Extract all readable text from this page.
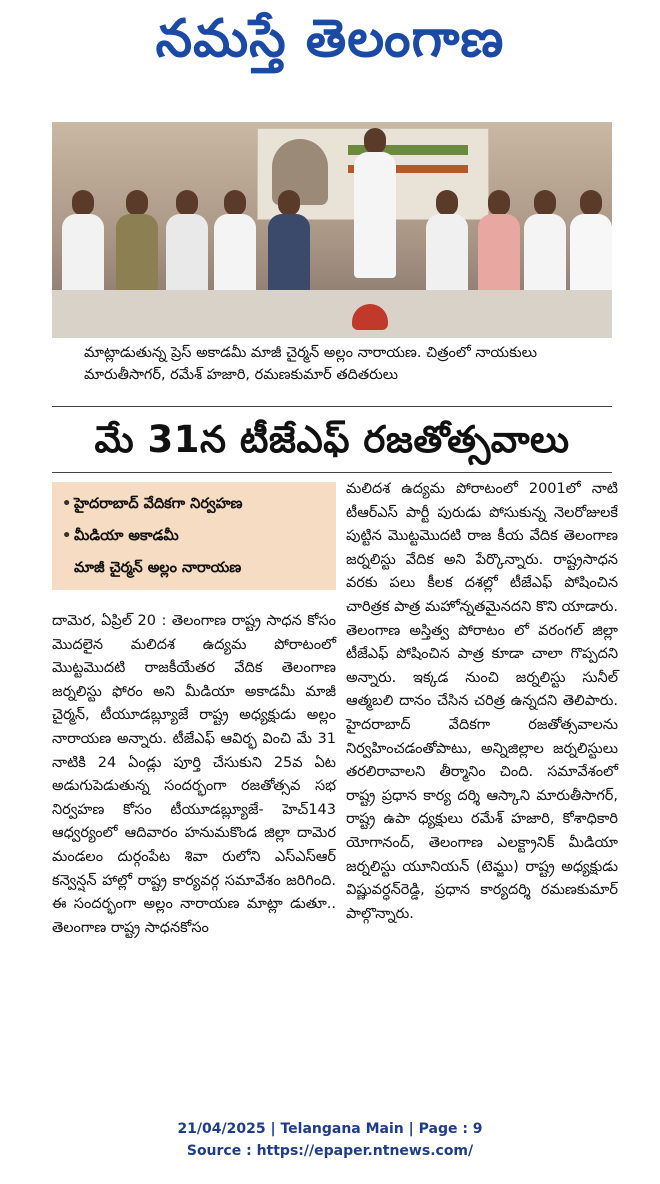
నమస్తే తెలంగాణ
మాట్లాడుతున్న ప్రెస్ అకాడమీ మాజీ చైర్మన్ అల్లం నారాయణ. చిత్రంలో నాయకులు మారుతీసాగర్, రమేశ్ హజారి, రమణకుమార్ తదితరులు
మే 31న టీజేఎఫ్ రజతోత్సవాలు
• హైదరాబాద్ వేదికగా నిర్వహణ
• మీడియా అకాడమీ
మాజీ చైర్మన్ అల్లం నారాయణ

దామెర, ఏప్రిల్ 20 : తెలంగాణ రాష్ట్ర సాధన కోసం మొదలైన మలిదశ ఉద్యమ పోరాటంలో మొట్టమొదటి రాజకీయేతర వేదిక తెలంగాణ జర్నలిస్టు ఫోరం అని మీడియా అకాడమీ మాజీ చైర్మన్, టీయూడబ్ల్యూజే రాష్ట్ర అధ్యక్షుడు అల్లం నారాయణ అన్నారు. టీజేఎఫ్ ఆవిర్భ వించి మే 31 నాటికి 24 ఏండ్లు పూర్తి చేసుకుని 25వ ఏట అడుగుపెడుతున్న సందర్భంగా రజతోత్సవ సభ నిర్వహణ కోసం టీయూడబ్ల్యూజే- హెచ్143 ఆధ్వర్యంలో ఆదివారం హనుమకొండ జిల్లా దామెర మండలం దుర్గంపేట శివా రులోని ఎస్ఎస్ఆర్ కన్వెన్షన్ హాల్లో రాష్ట్ర కార్యవర్గ సమావేశం జరిగింది. ఈ సందర్భంగా అల్లం నారాయణ మాట్లా డుతూ.. తెలంగాణ రాష్ట్ర సాధనకోసం

మలిదశ ఉద్యమ పోరాటంలో 2001లో నాటి టీఆర్ఎస్ పార్టీ పురుడు పోసుకున్న నెలరోజులకే పుట్టిన మొట్టమొదటి రాజ కీయ వేదిక తెలంగాణ జర్నలిస్టు వేదిక అని పేర్కొన్నారు. రాష్ట్రసాధన వరకు పలు కీలక దశల్లో టీజేఎఫ్ పోషించిన చారిత్రక పాత్ర మహోన్నతమైనదని కొని యాడారు. తెలంగాణ అస్తిత్వ పోరాటం లో వరంగల్ జిల్లా టీజేఎఫ్ పోషించిన పాత్ర కూడా చాలా గొప్పదని అన్నారు. ఇక్కడ నుంచి జర్నలిస్టు సునీల్ ఆత్మబలి దానం చేసిన చరిత్ర ఉన్నదని తెలిపారు. హైదరాబాద్ వేదికగా రజతోత్సవాలను నిర్వహించడంతోపాటు, అన్నిజిల్లాల జర్నలిస్టులు తరలిరావాలని తీర్మానిం చింది. సమావేశంలో రాష్ట్ర ప్రధాన కార్య దర్శి ఆస్కాని మారుతీసాగర్, రాష్ట్ర ఉపా ధ్యక్షులు రమేశ్ హజారి, కోశాధికారి యోగానంద్, తెలంగాణ ఎలక్ట్రానిక్ మీడియా జర్నలిస్టు యూనియన్ (టెమ్జు) రాష్ట్ర అధ్యక్షుడు విష్ణువర్ధన్‌రెడ్డి, ప్రధాన కార్యదర్శి రమణకుమార్ పాల్గొన్నారు.

21/04/2025 | Telangana Main | Page : 9
Source : https://epaper.ntnews.com/
